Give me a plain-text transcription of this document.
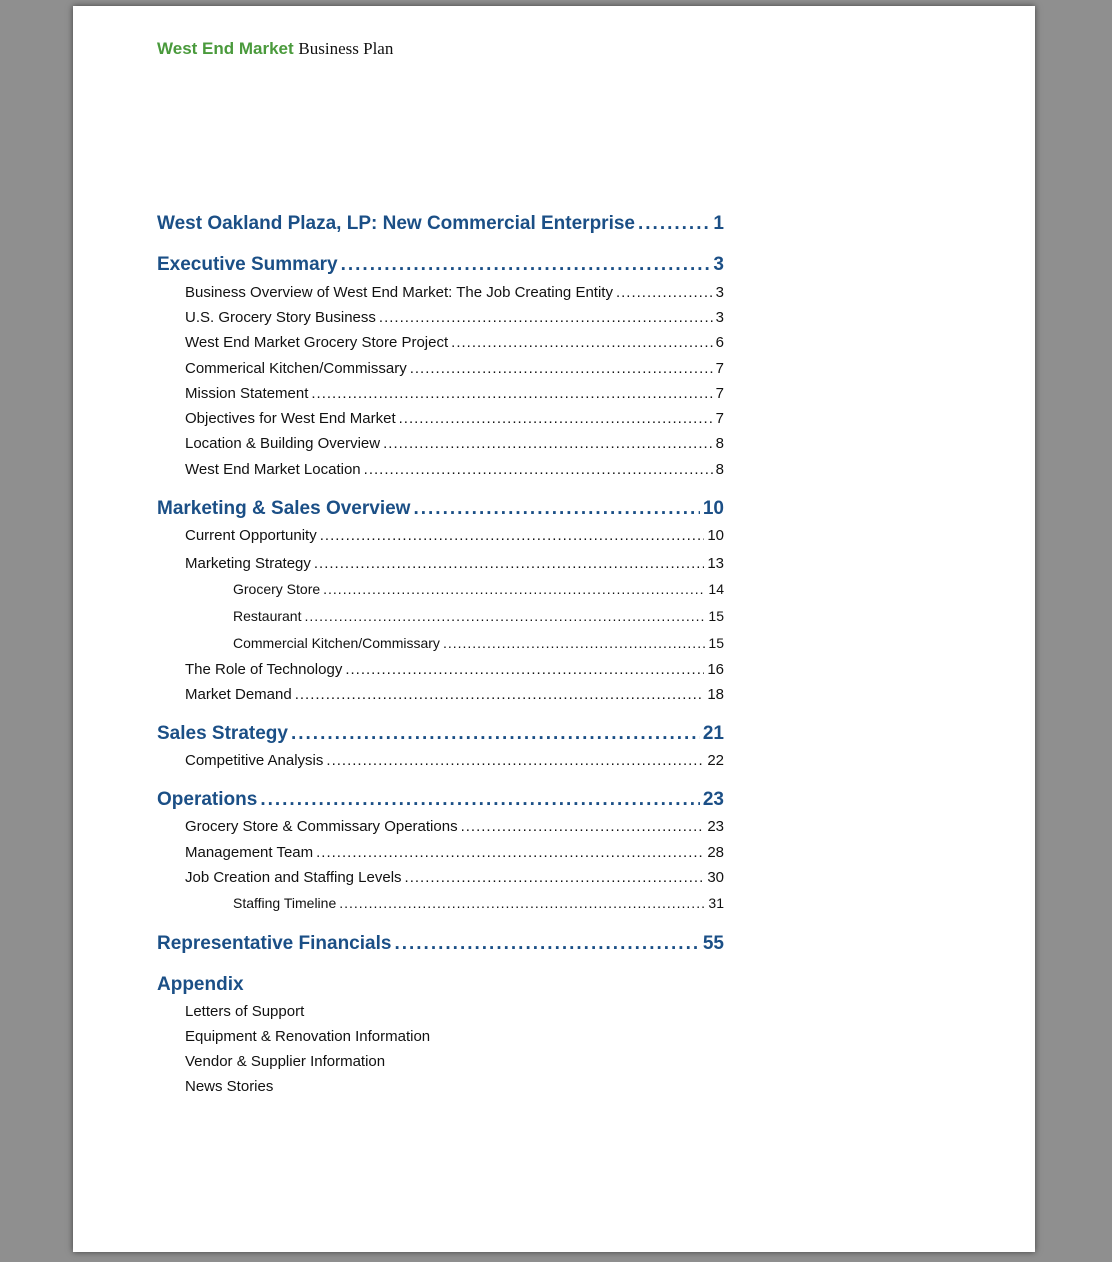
West End Market Business Plan
West Oakland Plaza, LP: New Commercial Enterprise .....	1
Executive Summary .....	3
Business Overview of West End Market: The Job Creating Entity .....	3
U.S. Grocery Story Business .....	3
West End Market Grocery Store Project .....	6
Commerical Kitchen/Commissary .....	7
Mission Statement .....	7
Objectives for West End Market .....	7
Location & Building Overview .....	8
West End Market Location .....	8
Marketing & Sales Overview .....	10
Current Opportunity .....	10
Marketing Strategy .....	13
Grocery Store .....	14
Restaurant .....	15
Commercial Kitchen/Commissary .....	15
The Role of Technology .....	16
Market Demand .....	18
Sales Strategy .....	21
Competitive Analysis .....	22
Operations .....	23
Grocery Store & Commissary Operations .....	23
Management Team .....	28
Job Creation and Staffing Levels .....	30
Staffing Timeline .....	31
Representative Financials .....	55
Appendix
Letters of Support
Equipment & Renovation Information
Vendor & Supplier Information
News Stories
